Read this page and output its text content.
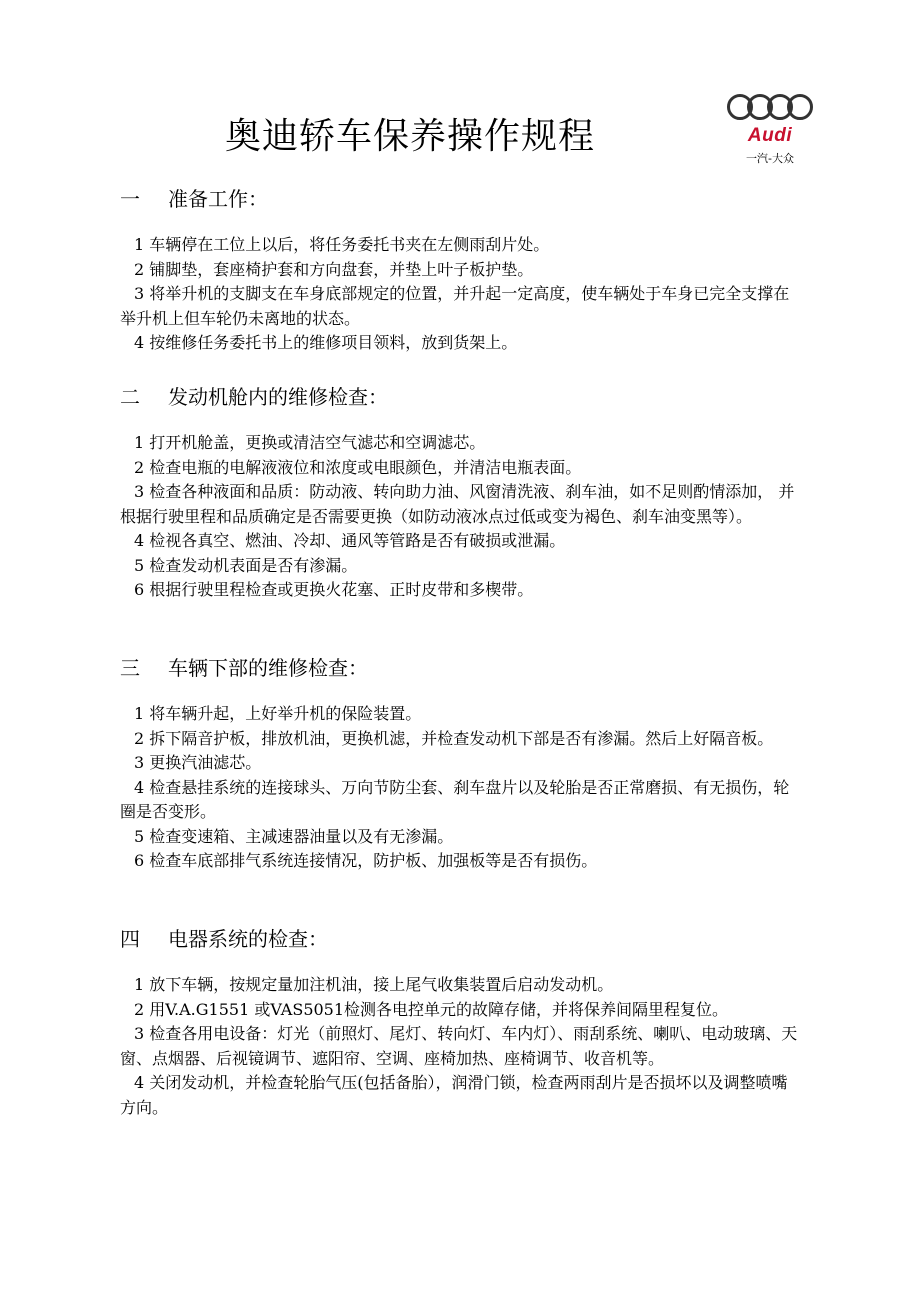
奥迪轿车保养操作规程	Audi
一汽-大众
一 准备工作：
1 车辆停在工位上以后，将任务委托书夹在左侧雨刮片处。
2 铺脚垫，套座椅护套和方向盘套，并垫上叶子板护垫。
3 将举升机的支脚支在车身底部规定的位置，并升起一定高度，使车辆处于车身已完全支撑在举升机上但车轮仍未离地的状态。
4 按维修任务委托书上的维修项目领料，放到货架上。
二 发动机舱内的维修检查：
1 打开机舱盖，更换或清洁空气滤芯和空调滤芯。
2 检查电瓶的电解液液位和浓度或电眼颜色，并清洁电瓶表面。
3 检查各种液面和品质：防动液、转向助力油、风窗清洗液、刹车油，如不足则酌情添加， 并根据行驶里程和品质确定是否需要更换（如防动液冰点过低或变为褐色、刹车油变黑等）。
4 检视各真空、燃油、冷却、通风等管路是否有破损或泄漏。
5 检查发动机表面是否有渗漏。
6 根据行驶里程检查或更换火花塞、正时皮带和多楔带。
三 车辆下部的维修检查：
1 将车辆升起，上好举升机的保险装置。
2 拆下隔音护板，排放机油，更换机滤，并检查发动机下部是否有渗漏。然后上好隔音板。
3 更换汽油滤芯。
4 检查悬挂系统的连接球头、万向节防尘套、刹车盘片以及轮胎是否正常磨损、有无损伤，轮圈是否变形。
5 检查变速箱、主减速器油量以及有无渗漏。
6 检查车底部排气系统连接情况，防护板、加强板等是否有损伤。
四 电器系统的检查：
1 放下车辆，按规定量加注机油，接上尾气收集装置后启动发动机。
2 用V.A.G1551 或VAS5051检测各电控单元的故障存储，并将保养间隔里程复位。
3 检查各用电设备：灯光（前照灯、尾灯、转向灯、车内灯）、雨刮系统、喇叭、电动玻璃、天窗、点烟器、后视镜调节、遮阳帘、空调、座椅加热、座椅调节、收音机等。
4 关闭发动机，并检查轮胎气压(包括备胎），润滑门锁，检查两雨刮片是否损坏以及调整喷嘴方向。
